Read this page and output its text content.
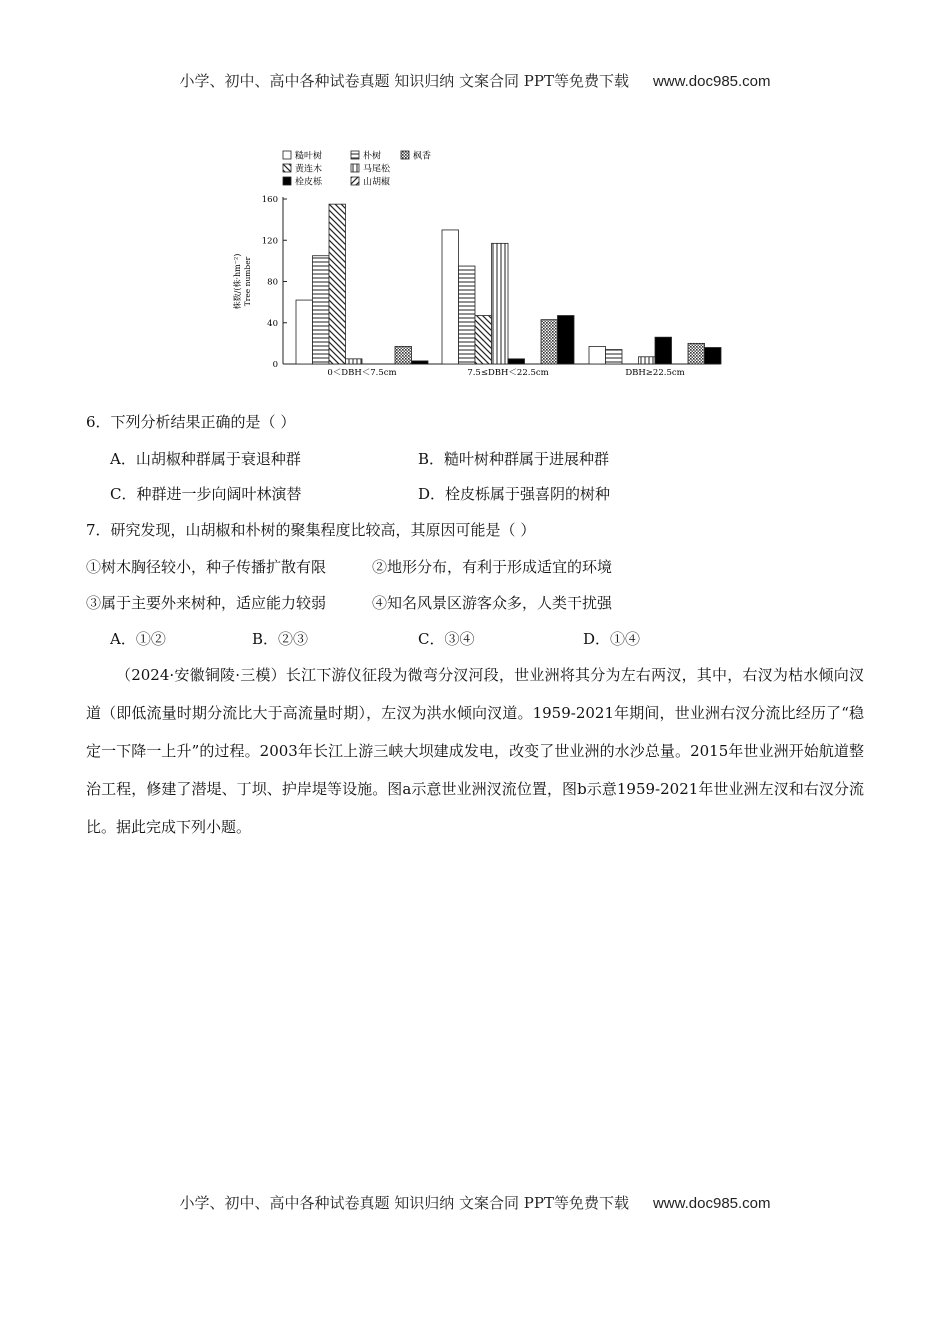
小学、初中、高中各种试卷真题 知识归纳 文案合同 PPT等免费下载 www.doc985.com
糙叶树	朴树	枫香
黄连木	马尾松
栓皮栎	山胡椒
0
40
80
120
160
株数/(株·hm⁻²) Tree number
0＜DBH＜7.5cm	7.5≤DBH＜22.5cm	DBH≥22.5cm
6．下列分析结果正确的是（ ）
A．山胡椒种群属于衰退种群	B．糙叶树种群属于进展种群
C．种群进一步向阔叶林演替	D．栓皮栎属于强喜阴的树种
7．研究发现，山胡椒和朴树的聚集程度比较高，其原因可能是（ ）
①树木胸径较小，种子传播扩散有限	②地形分布，有利于形成适宜的环境
③属于主要外来树种，适应能力较弱	④知名风景区游客众多，人类干扰强
A．①②	B．②③	C．③④	D．①④
（2024·安徽铜陵·三模）长江下游仪征段为微弯分汊河段，世业洲将其分为左右两汊，其中，右汊为枯水倾向汊道（即低流量时期分流比大于高流量时期），左汊为洪水倾向汊道。1959-2021年期间，世业洲右汊分流比经历了“稳定一下降一上升”的过程。2003年长江上游三峡大坝建成发电，改变了世业洲的水沙总量。2015年世业洲开始航道整治工程，修建了潜堤、丁坝、护岸堤等设施。图a示意世业洲汊流位置，图b示意1959-2021年世业洲左汊和右汊分流比。据此完成下列小题。
小学、初中、高中各种试卷真题 知识归纳 文案合同 PPT等免费下载 www.doc985.com
